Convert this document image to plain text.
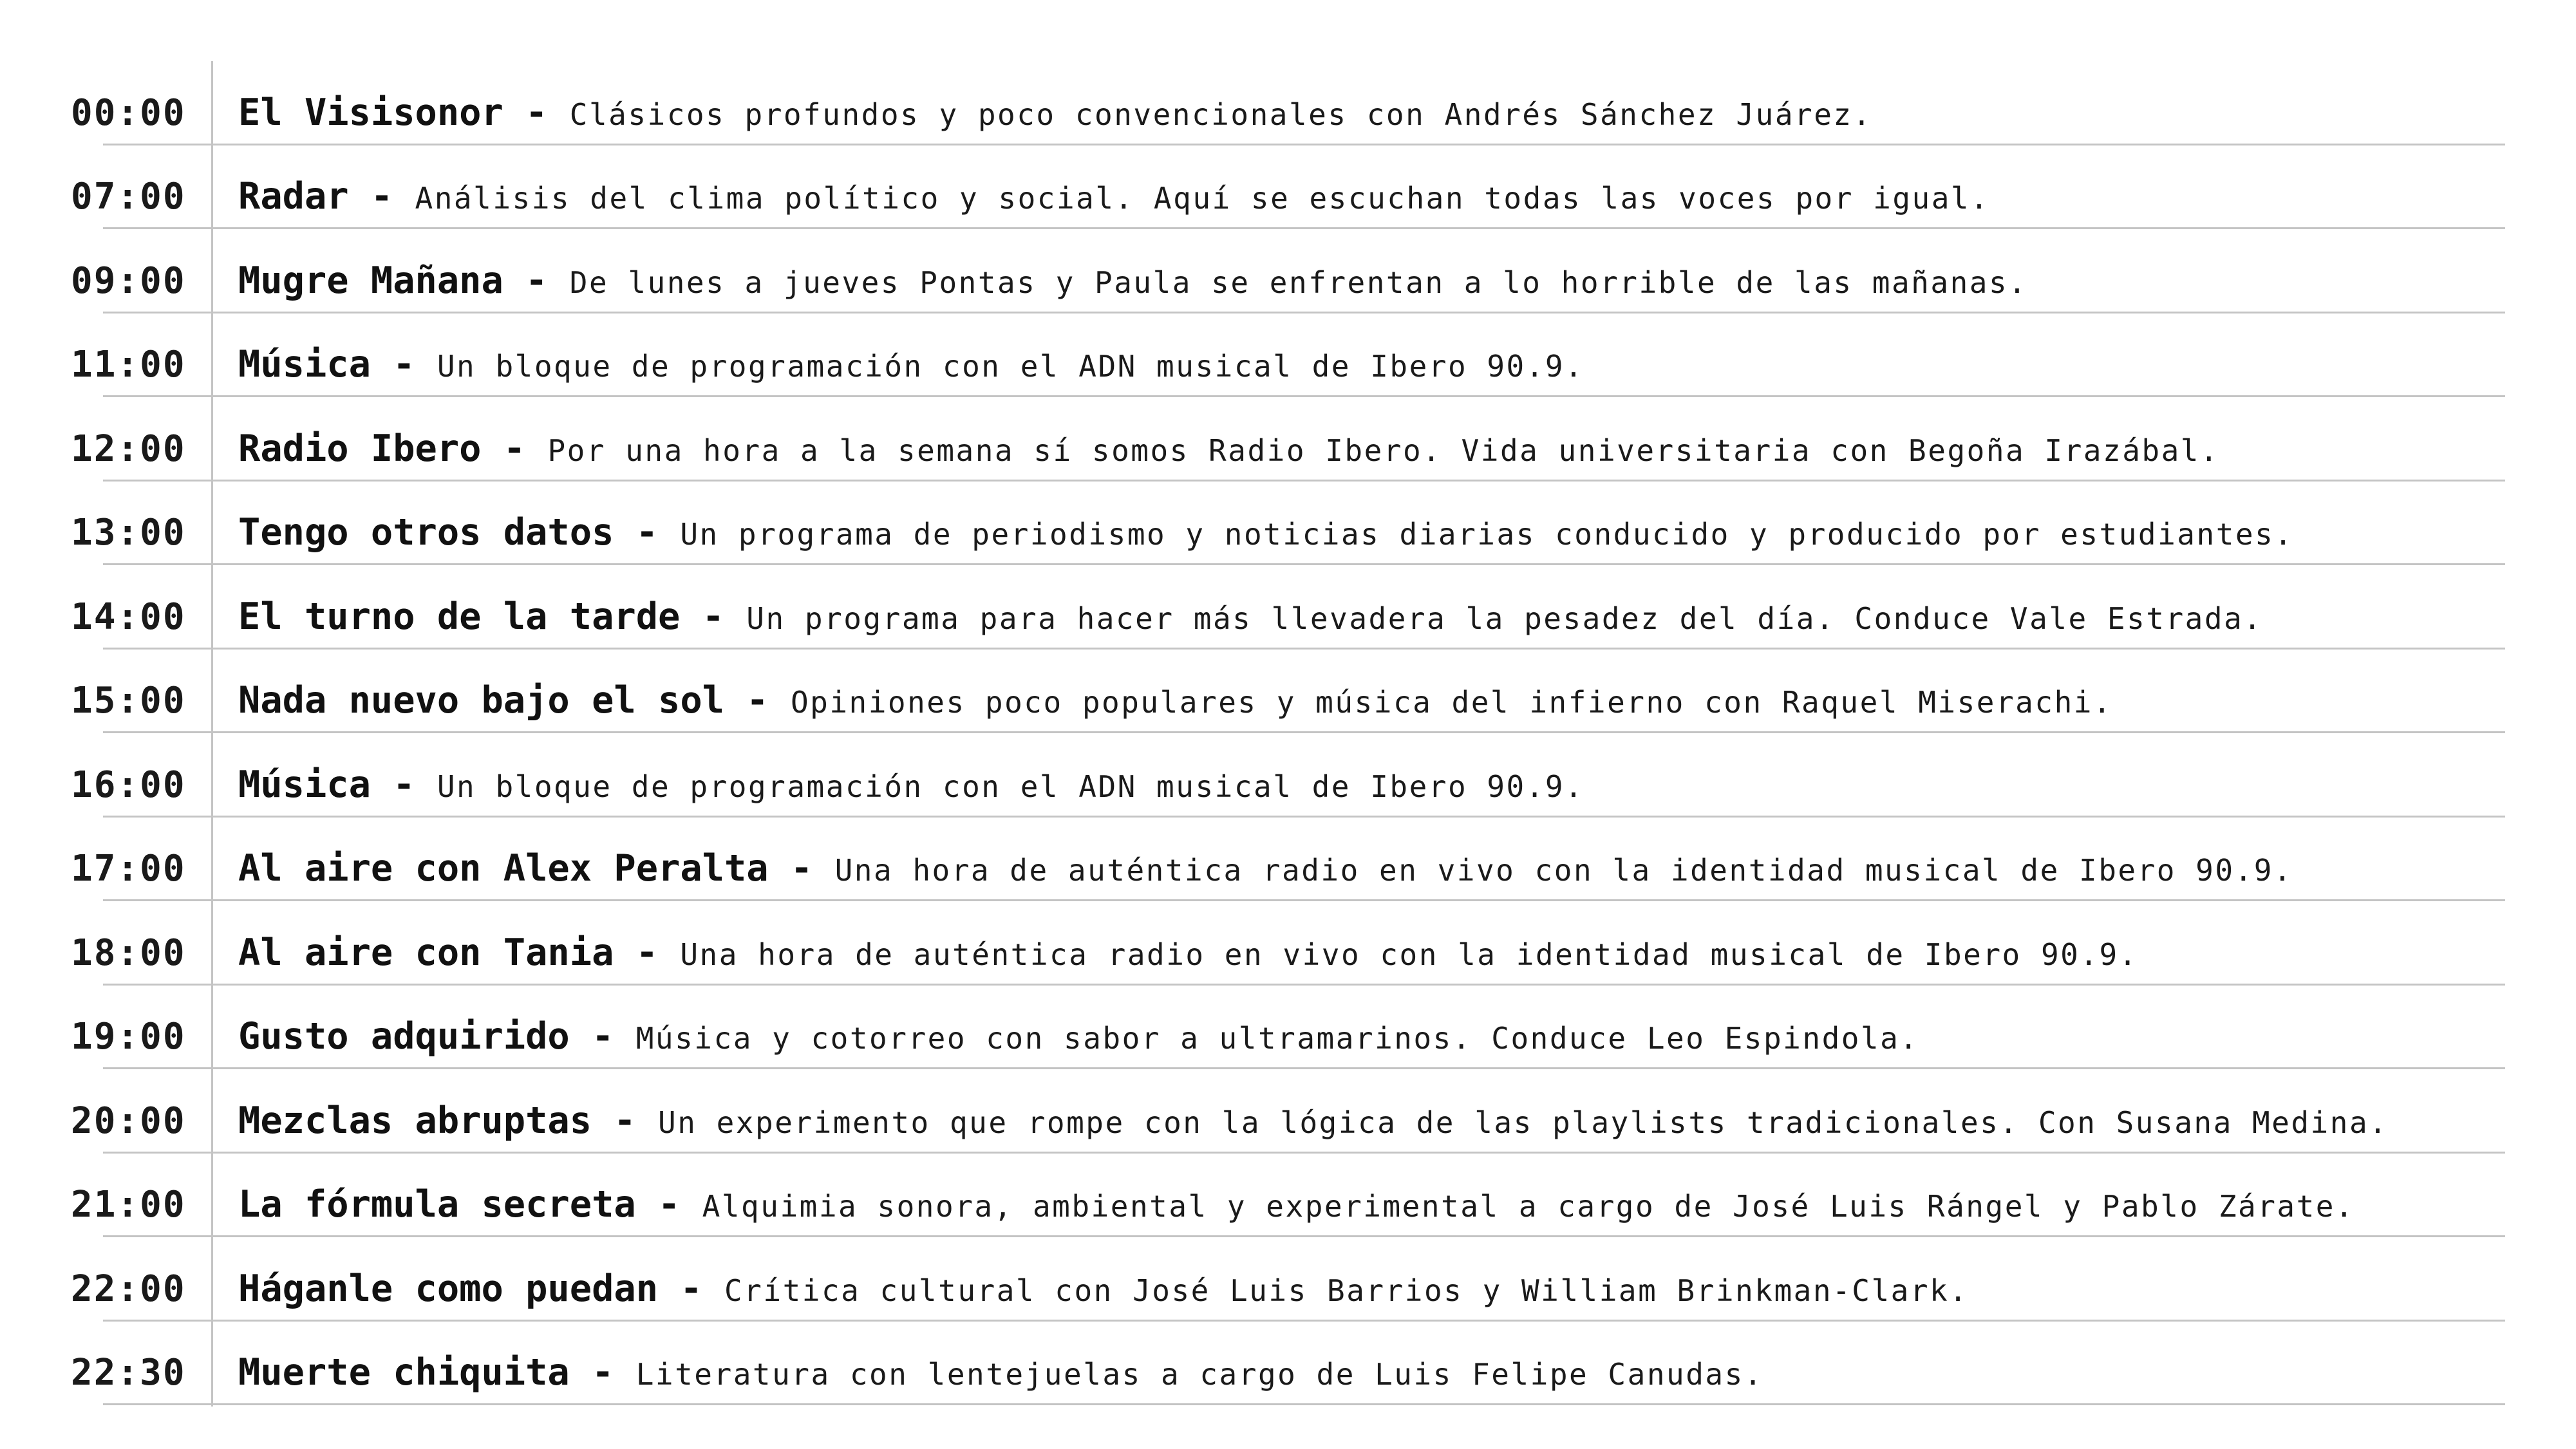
00:00 El Visisonor - Clásicos profundos y poco convencionales con Andrés Sánchez Juárez.
07:00 Radar - Análisis del clima político y social. Aquí se escuchan todas las voces por igual.
09:00 Mugre Mañana - De lunes a jueves Pontas y Paula se enfrentan a lo horrible de las mañanas.
11:00 Música - Un bloque de programación con el ADN musical de Ibero 90.9.
12:00 Radio Ibero - Por una hora a la semana sí somos Radio Ibero. Vida universitaria con Begoña Irazábal.
13:00 Tengo otros datos - Un programa de periodismo y noticias diarias conducido y producido por estudiantes.
14:00 El turno de la tarde - Un programa para hacer más llevadera la pesadez del día. Conduce Vale Estrada.
15:00 Nada nuevo bajo el sol - Opiniones poco populares y música del infierno con Raquel Miserachi.
16:00 Música - Un bloque de programación con el ADN musical de Ibero 90.9.
17:00 Al aire con Alex Peralta - Una hora de auténtica radio en vivo con la identidad musical de Ibero 90.9.
18:00 Al aire con Tania - Una hora de auténtica radio en vivo con la identidad musical de Ibero 90.9.
19:00 Gusto adquirido - Música y cotorreo con sabor a ultramarinos. Conduce Leo Espindola.
20:00 Mezclas abruptas - Un experimento que rompe con la lógica de las playlists tradicionales. Con Susana Medina.
21:00 La fórmula secreta - Alquimia sonora, ambiental y experimental a cargo de José Luis Rángel y Pablo Zárate.
22:00 Háganle como puedan - Crítica cultural con José Luis Barrios y William Brinkman-Clark.
22:30 Muerte chiquita - Literatura con lentejuelas a cargo de Luis Felipe Canudas.
